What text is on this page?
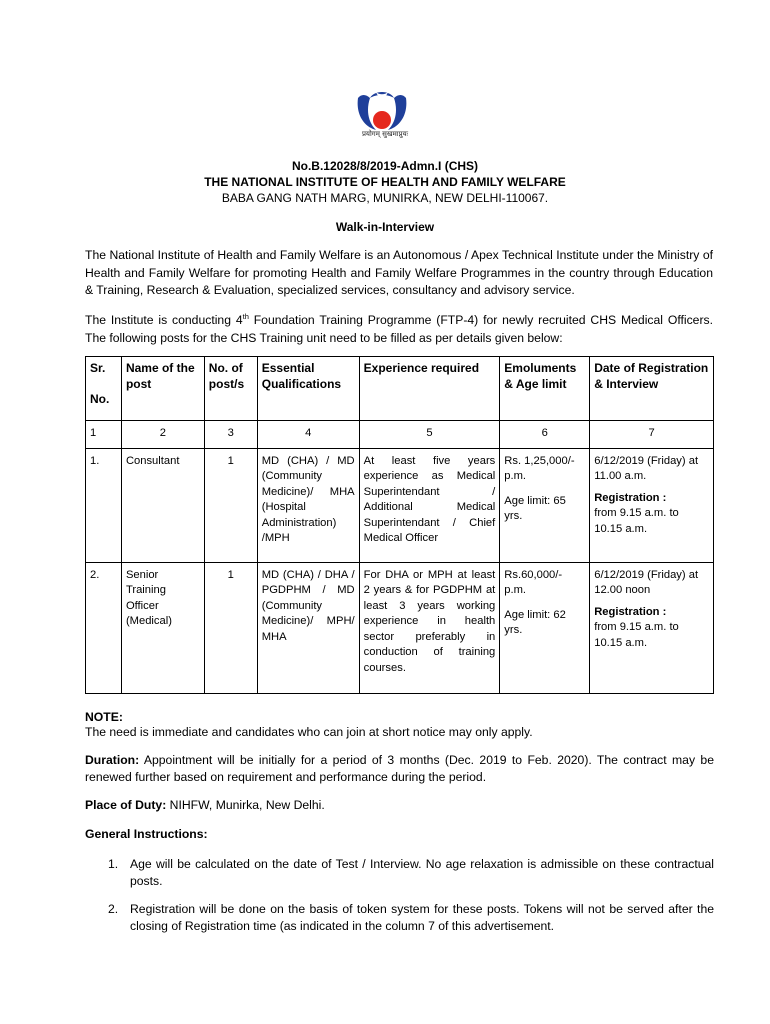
प्रयोगम् सुखमाप्नुयः
No.B.12028/8/2019-Admn.I (CHS)
THE NATIONAL INSTITUTE OF HEALTH AND FAMILY WELFARE
BABA GANG NATH MARG, MUNIRKA, NEW DELHI-110067.
Walk-in-Interview
The National Institute of Health and Family Welfare is an Autonomous / Apex Technical Institute under the Ministry of Health and Family Welfare for promoting Health and Family Welfare Programmes in the country through Education & Training, Research & Evaluation, specialized services, consultancy and advisory service.
The Institute is conducting 4th Foundation Training Programme (FTP-4) for newly recruited CHS Medical Officers. The following posts for the CHS Training unit need to be filled as per details given below:
Sr.

No.	Name of the post	No. of post/s	Essential Qualifications	Experience required	Emoluments & Age limit	Date of Registration & Interview
1	2	3	4	5	6	7
1.	Consultant	1	MD (CHA) / MD (Community Medicine)/ MHA (Hospital Administration) /MPH	At least five years experience as Medical Superintendant / Additional Medical Superintendant / Chief Medical Officer	Rs. 1,25,000/- p.m.
Age limit: 65 yrs.	6/12/2019 (Friday) at 11.00 a.m.
Registration :
from 9.15 a.m. to 10.15 a.m.
2.	Senior Training Officer (Medical)	1	MD (CHA) / DHA / PGDPHM / MD (Community Medicine)/ MPH/ MHA	For DHA or MPH at least 2 years & for PGDPHM at least 3 years working experience in health sector preferably in conduction of training courses.	Rs.60,000/- p.m.
Age limit: 62 yrs.	6/12/2019 (Friday) at 12.00 noon
Registration :
from 9.15 a.m. to 10.15 a.m.
NOTE:
The need is immediate and candidates who can join at short notice may only apply.
Duration: Appointment will be initially for a period of 3 months (Dec. 2019 to Feb. 2020). The contract may be renewed further based on requirement and performance during the period.
Place of Duty: NIHFW, Munirka, New Delhi.
General Instructions:
1. Age will be calculated on the date of Test / Interview. No age relaxation is admissible on these contractual posts.
2. Registration will be done on the basis of token system for these posts. Tokens will not be served after the closing of Registration time (as indicated in the column 7 of this advertisement.
